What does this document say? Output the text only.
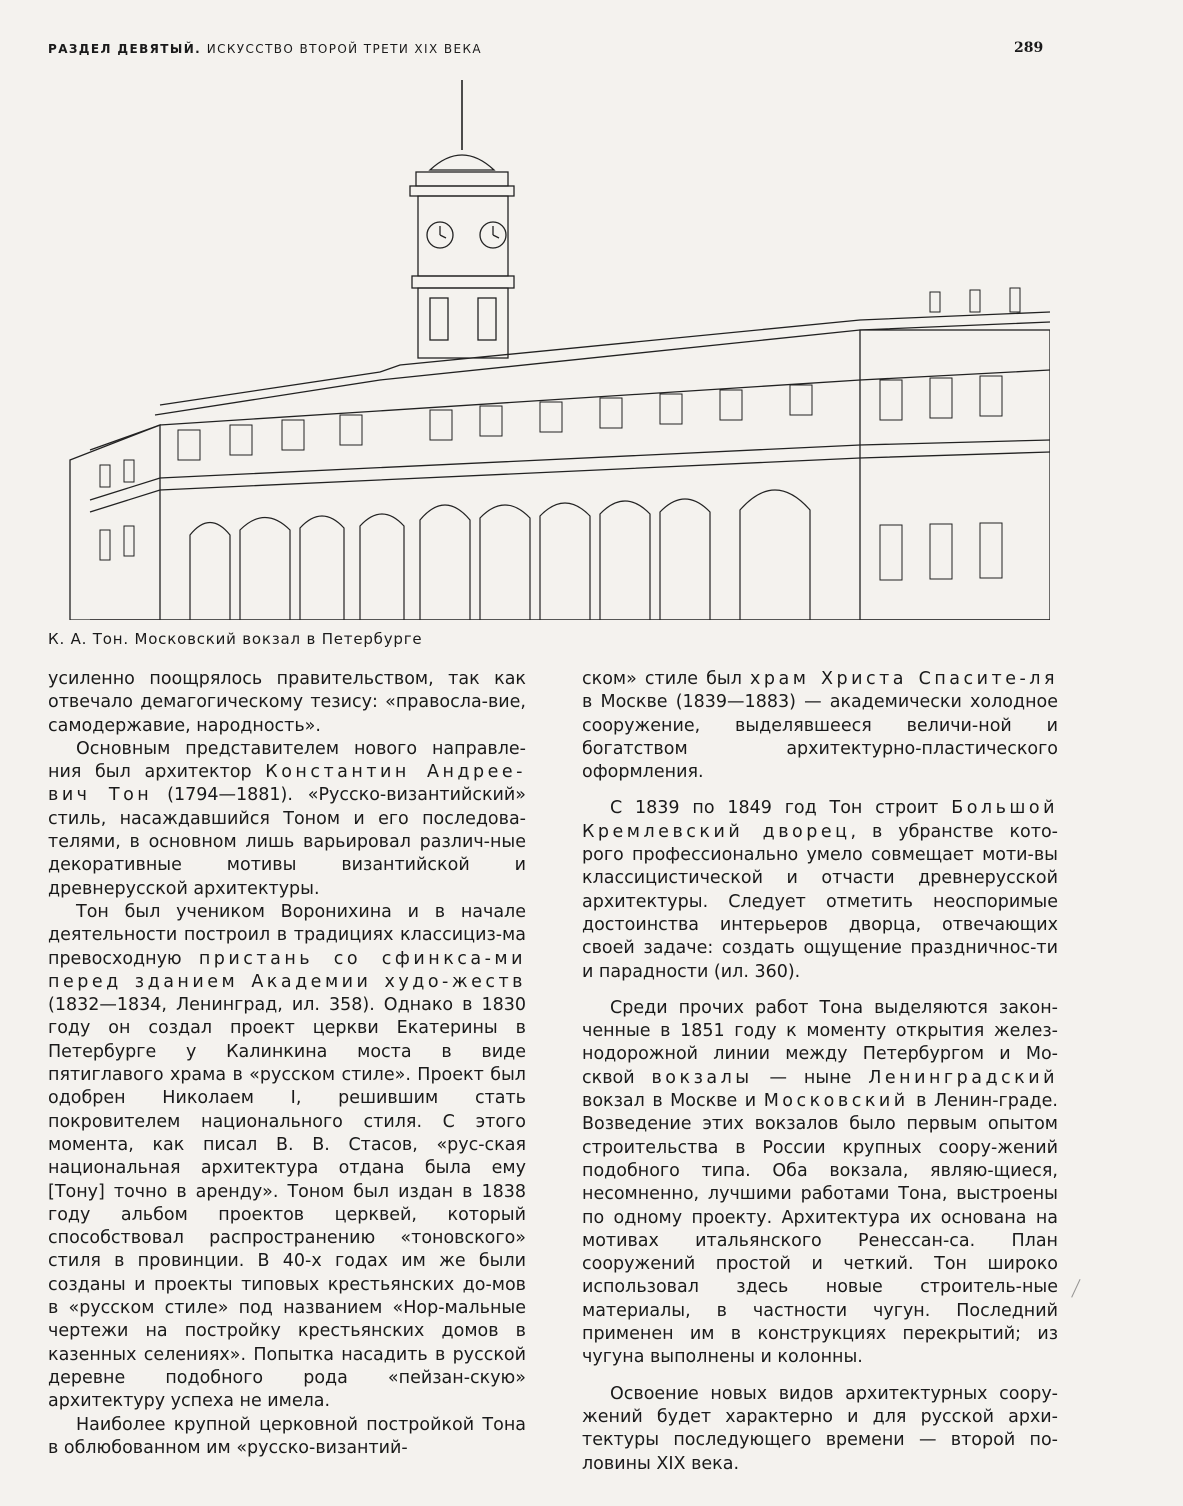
РАЗДЕЛ ДЕВЯТЫЙ. ИСКУССТВО ВТОРОЙ ТРЕТИ XIX ВЕКА	289
К. А. Тон. Московский вокзал в Петербурге

усиленно поощрялось правительством, так как отвечало демагогическому тезису: «правосла-вие, самодержавие, народность».

Основным представителем нового направле-ния был архитектор Константин Андрее-вич Тон (1794—1881). «Русско-византийский» стиль, насаждавшийся Тоном и его последова-телями, в основном лишь варьировал различ-ные декоративные мотивы византийской и древнерусской архитектуры.

Тон был учеником Воронихина и в начале деятельности построил в традициях классициз-ма превосходную пристань со сфинкса-ми перед зданием Академии худо-жеств (1832—1834, Ленинград, ил. 358). Однако в 1830 году он создал проект церкви Екатерины в Петербурге у Калинкина моста в виде пятиглавого храма в «русском стиле». Проект был одобрен Николаем I, решившим стать покровителем национального стиля. С этого момента, как писал В. В. Стасов, «рус-ская национальная архитектура отдана была ему [Тону] точно в аренду». Тоном был издан в 1838 году альбом проектов церквей, который способствовал распространению «тоновского» стиля в провинции. В 40-х годах им же были созданы и проекты типовых крестьянских до-мов в «русском стиле» под названием «Нор-мальные чертежи на постройку крестьянских домов в казенных селениях». Попытка насадить в русской деревне подобного рода «пейзан-скую» архитектуру успеха не имела.

Наиболее крупной церковной постройкой Тона в облюбованном им «русско-византий-

ском» стиле был храм Христа Спасите-ля в Москве (1839—1883) — академически холодное сооружение, выделявшееся величи-ной и богатством архитектурно-пластического оформления.

С 1839 по 1849 год Тон строит Большой Кремлевский дворец, в убранстве кото-рого профессионально умело совмещает моти-вы классицистической и отчасти древнерусской архитектуры. Следует отметить неоспоримые достоинства интерьеров дворца, отвечающих своей задаче: создать ощущение праздничнос-ти и парадности (ил. 360).

Среди прочих работ Тона выделяются закон-ченные в 1851 году к моменту открытия желез-нодорожной линии между Петербургом и Мо-сквой вокзалы — ныне Ленинградский вокзал в Москве и Московский в Ленин-граде. Возведение этих вокзалов было первым опытом строительства в России крупных соору-жений подобного типа. Оба вокзала, являю-щиеся, несомненно, лучшими работами Тона, выстроены по одному проекту. Архитектура их основана на мотивах итальянского Ренессан-са. План сооружений простой и четкий. Тон широко использовал здесь новые строитель-ные материалы, в частности чугун. Последний применен им в конструкциях перекрытий; из чугуна выполнены и колонны.

Освоение новых видов архитектурных соору-жений будет характерно и для русской архи-тектуры последующего времени — второй по-ловины XIX века.
